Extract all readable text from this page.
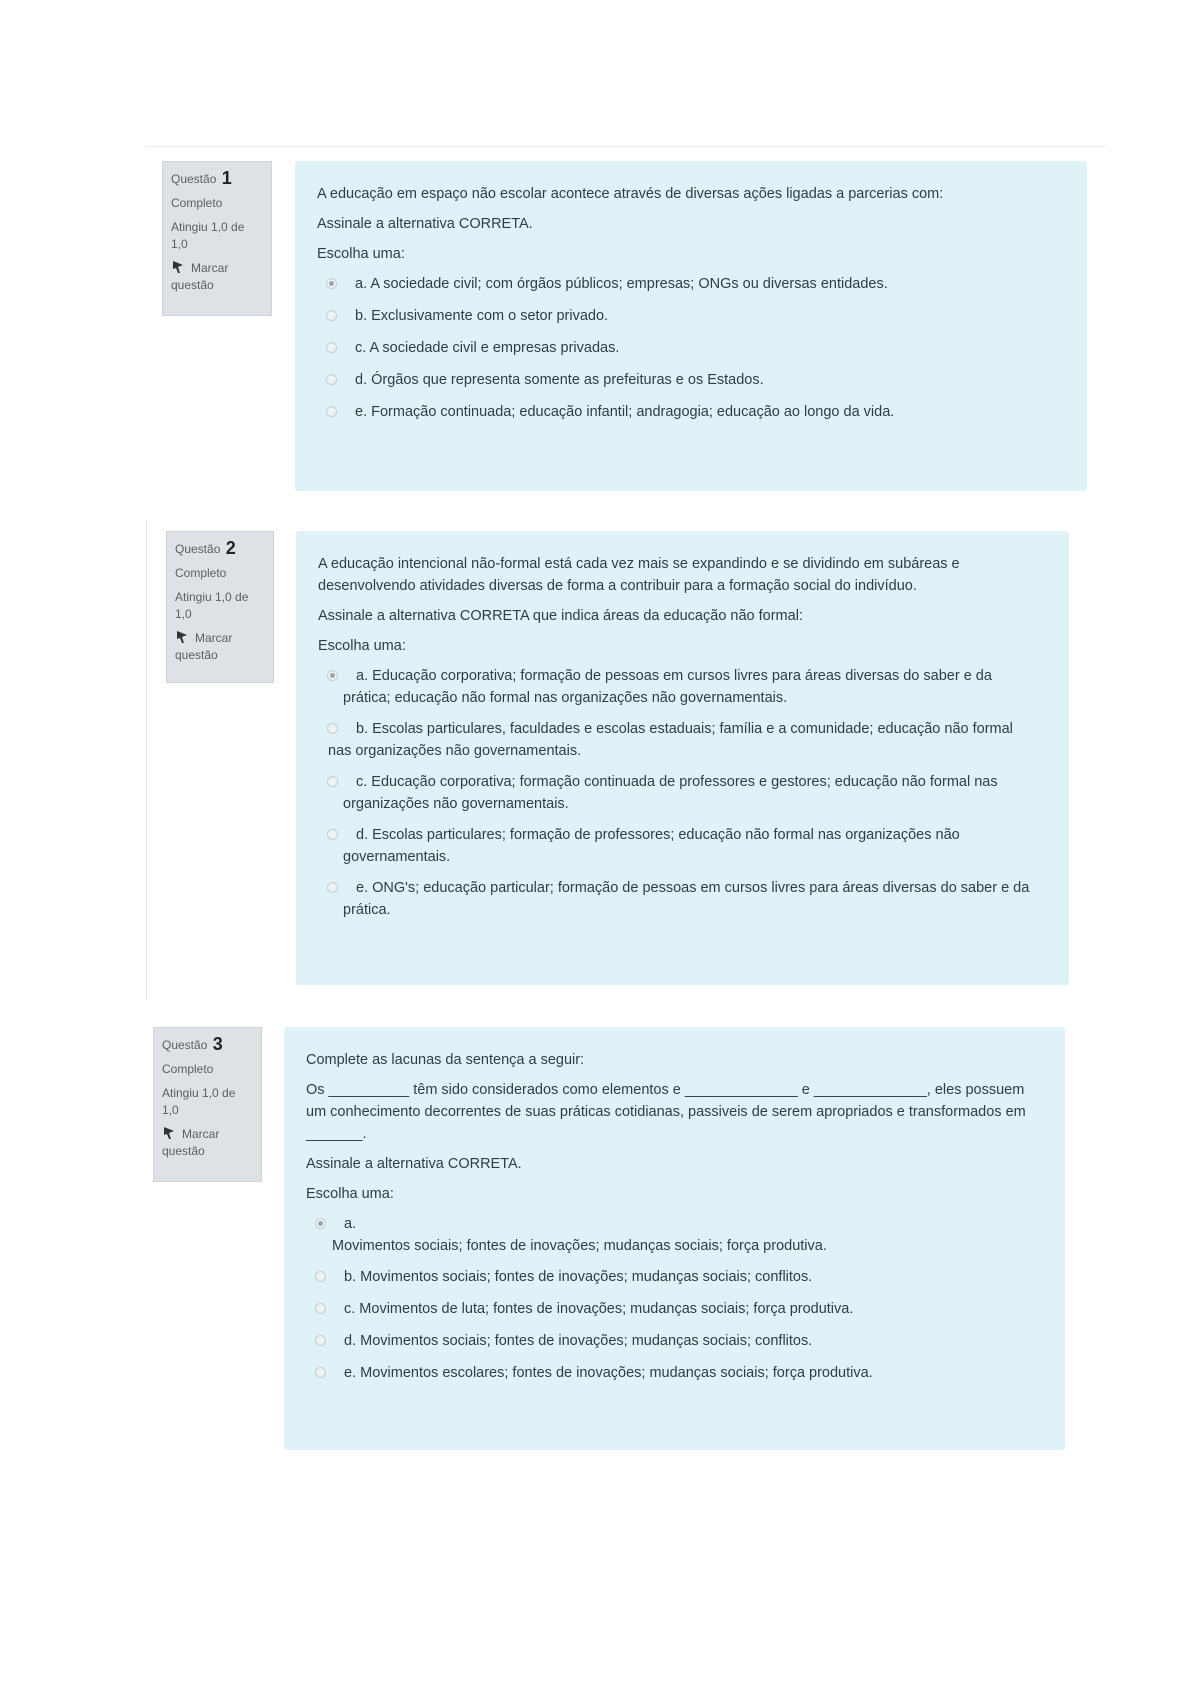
Questão 1
Completo
Atingiu 1,0 de 1,0
Marcar questão

A educação em espaço não escolar acontece através de diversas ações ligadas a parcerias com:

Assinale a alternativa CORRETA.

Escolha uma:

a. A sociedade civil; com órgãos públicos; empresas; ONGs ou diversas entidades.
b. Exclusivamente com o setor privado.
c. A sociedade civil e empresas privadas.
d. Órgãos que representa somente as prefeituras e os Estados.
e. Formação continuada; educação infantil; andragogia; educação ao longo da vida.
Questão 2
Completo
Atingiu 1,0 de 1,0
Marcar questão

A educação intencional não-formal está cada vez mais se expandindo e se dividindo em subáreas e desenvolvendo atividades diversas de forma a contribuir para a formação social do indivíduo.

Assinale a alternativa CORRETA que indica áreas da educação não formal:

Escolha uma:

a. Educação corporativa; formação de pessoas em cursos livres para áreas diversas do saber e da
prática; educação não formal nas organizações não governamentais.
b. Escolas particulares, faculdades e escolas estaduais; família e a comunidade; educação não formal
nas organizações não governamentais.
c. Educação corporativa; formação continuada de professores e gestores; educação não formal nas
organizações não governamentais.
d. Escolas particulares; formação de professores; educação não formal nas organizações não
governamentais.
e. ONG's; educação particular; formação de pessoas em cursos livres para áreas diversas do saber e da
prática.
Questão 3
Completo
Atingiu 1,0 de 1,0
Marcar questão

Complete as lacunas da sentença a seguir:

Os __________ têm sido considerados como elementos e ______________ e ______________, eles possuem um conhecimento decorrentes de suas práticas cotidianas, passiveis de serem apropriados e transformados em _______.

Assinale a alternativa CORRETA.

Escolha uma:

a.
Movimentos sociais; fontes de inovações; mudanças sociais; força produtiva.
b. Movimentos sociais; fontes de inovações; mudanças sociais; conflitos.
c. Movimentos de luta; fontes de inovações; mudanças sociais; força produtiva.
d. Movimentos sociais; fontes de inovações; mudanças sociais; conflitos.
e. Movimentos escolares; fontes de inovações; mudanças sociais; força produtiva.
